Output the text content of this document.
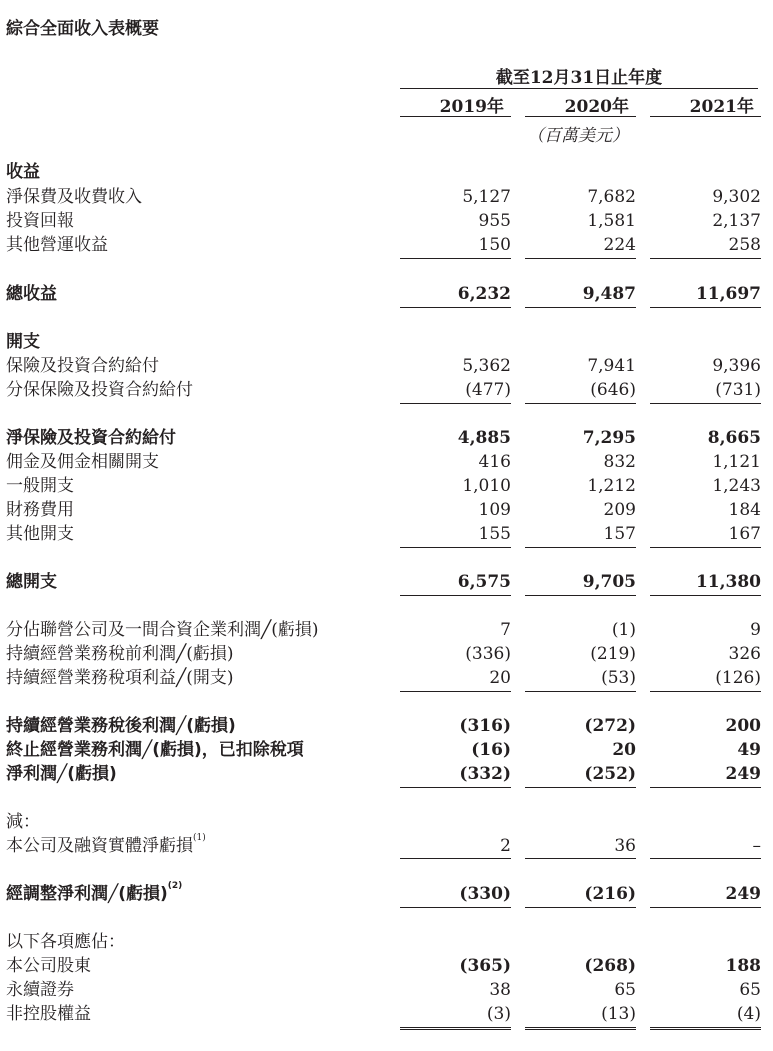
綜合全面收入表概要
截至12月31日止年度
2019年	2020年	2021年
（百萬美元）
收益
淨保費及收費收入	5,127	7,682	9,302
投資回報	955	1,581	2,137
其他營運收益	150	224	258
總收益	6,232	9,487	11,697
開支
保險及投資合約給付	5,362	7,941	9,396
分保保險及投資合約給付	(477)	(646)	(731)
淨保險及投資合約給付	4,885	7,295	8,665
佣金及佣金相關開支	416	832	1,121
一般開支	1,010	1,212	1,243
財務費用	109	209	184
其他開支	155	157	167
總開支	6,575	9,705	11,380
分佔聯營公司及一間合資企業利潤╱(虧損)	7	(1)	9
持續經營業務稅前利潤╱(虧損)	(336)	(219)	326
持續經營業務稅項利益╱(開支)	20	(53)	(126)
持續經營業務稅後利潤╱(虧損)	(316)	(272)	200
終止經營業務利潤╱(虧損)，已扣除稅項	(16)	20	49
淨利潤╱(虧損)	(332)	(252)	249
減：
本公司及融資實體淨虧損$^{(1)}$	2	36	–
經調整淨利潤╱(虧損)$^{(2)}$	(330)	(216)	249
以下各項應佔：
本公司股東	(365)	(268)	188
永續證券	38	65	65
非控股權益	(3)	(13)	(4)
